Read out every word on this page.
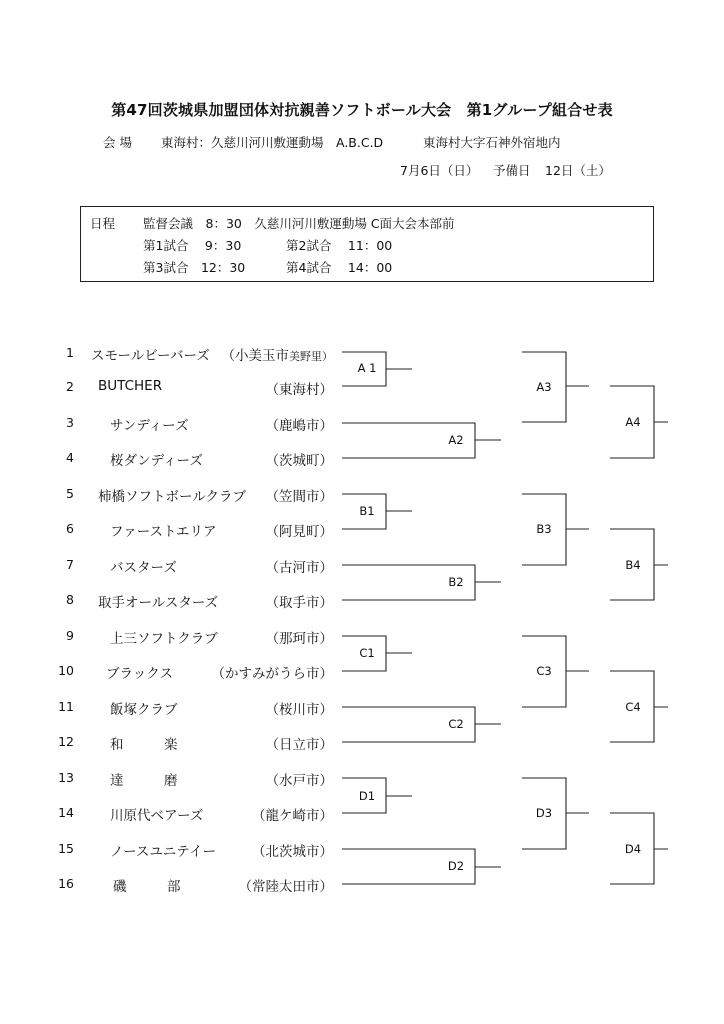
第47回茨城県加盟団体対抗親善ソフトボール大会　第1グループ組合せ表
会 場 東海村：久慈川河川敷運動場　A.B.C.D	東海村大字石神外宿地内
7月6日（日） 予備日 12日（土）
日程 監督会議　8：30　久慈川河川敷運動場 C面大会本部前
第1試合　 9：30	第2試合　 11：00
第3試合　12：30	第4試合　 14：00
1 スモールビーバーズ （小美玉市美野里）
2 BUTCHER	（東海村）
3	サンディーズ	（鹿嶋市）
4	桜ダンディーズ	（茨城町）
5 柿橋ソフトボールクラブ （笠間市）
6	ファーストエリア	（阿見町）
7	バスターズ	（古河市）
8 取手オールスターズ	（取手市）
9	上三ソフトクラブ	（那珂市）
10 ブラックス	（かすみがうら市）
11	飯塚クラブ	（桜川市）
12	和　　　楽	（日立市）
13	達　　　磨	（水戸市）
14	川原代ベアーズ	（龍ケ崎市）
15	ノースユニテイー	（北茨城市）
16	磯　　　部	（常陸太田市）
A 1
B1
C1
D1
A2
B2
C2
D2
A3
B3
C3
D3
A4
B4
C4
D4
